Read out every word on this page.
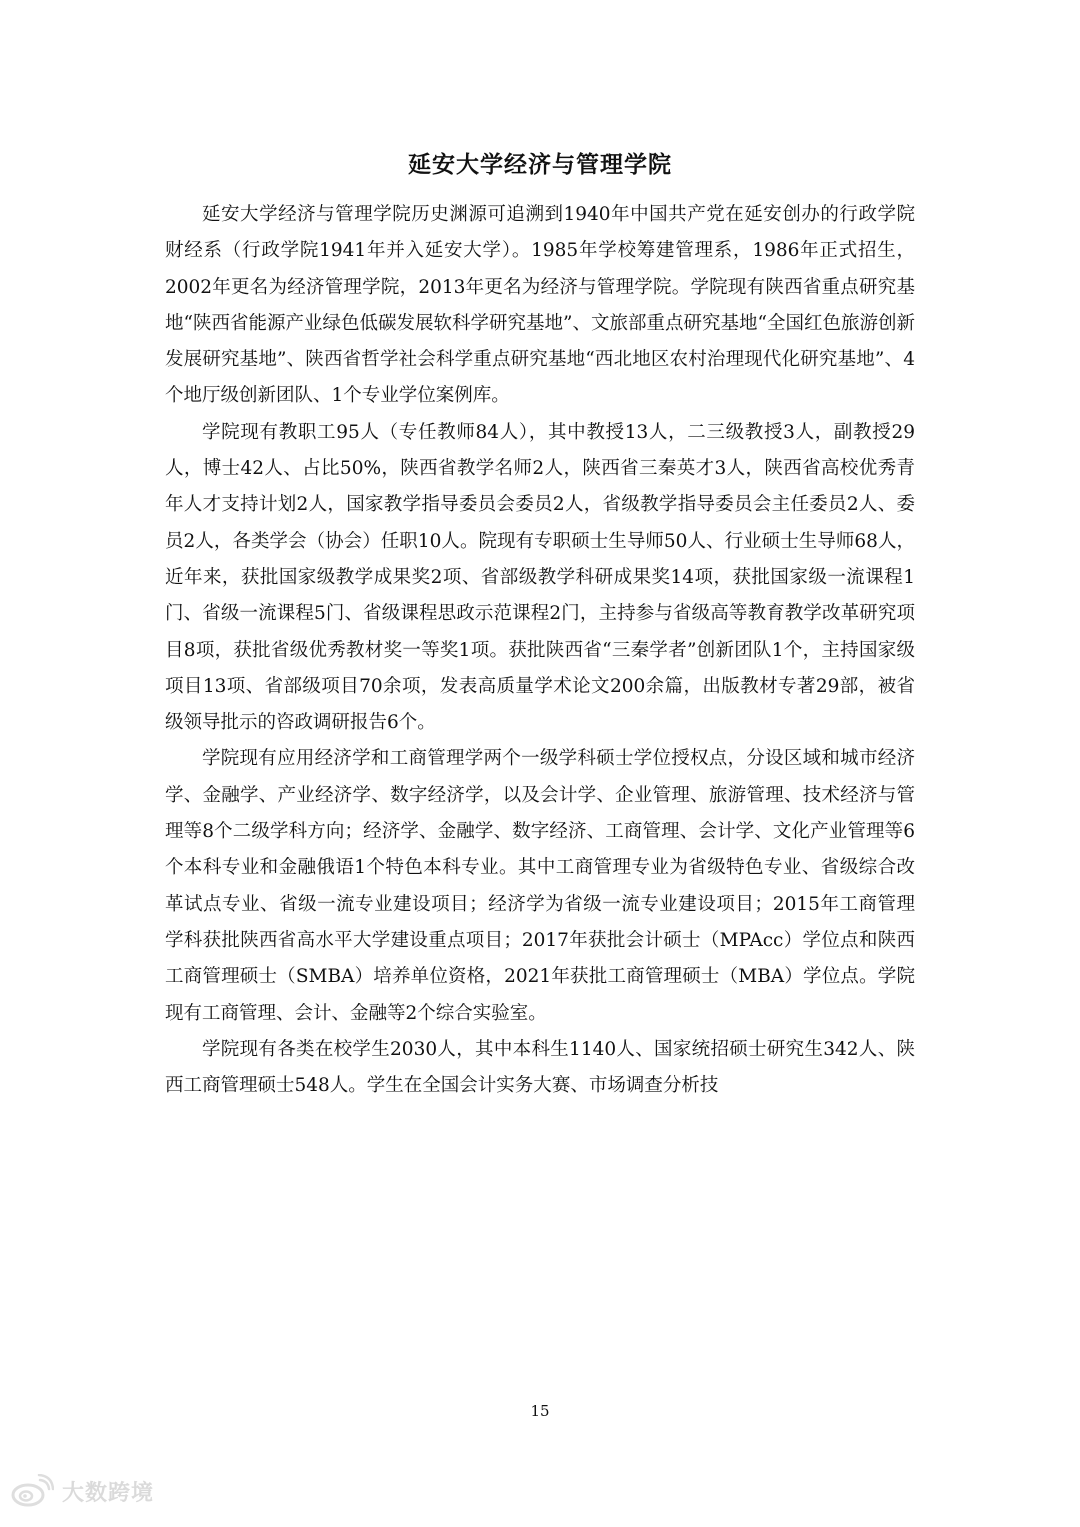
延安大学经济与管理学院

延安大学经济与管理学院历史渊源可追溯到1940年中国共产党在延安创办的行政学院财经系（行政学院1941年并入延安大学）。1985年学校筹建管理系，1986年正式招生，2002年更名为经济管理学院，2013年更名为经济与管理学院。学院现有陕西省重点研究基地“陕西省能源产业绿色低碳发展软科学研究基地”、文旅部重点研究基地“全国红色旅游创新发展研究基地”、陕西省哲学社会科学重点研究基地“西北地区农村治理现代化研究基地”、4个地厅级创新团队、1个专业学位案例库。

学院现有教职工95人（专任教师84人），其中教授13人，二三级教授3人，副教授29人，博士42人、占比50%，陕西省教学名师2人，陕西省三秦英才3人，陕西省高校优秀青年人才支持计划2人，国家教学指导委员会委员2人，省级教学指导委员会主任委员2人、委员2人，各类学会（协会）任职10人。院现有专职硕士生导师50人、行业硕士生导师68人，近年来，获批国家级教学成果奖2项、省部级教学科研成果奖14项，获批国家级一流课程1门、省级一流课程5门、省级课程思政示范课程2门，主持参与省级高等教育教学改革研究项目8项，获批省级优秀教材奖一等奖1项。获批陕西省“三秦学者”创新团队1个，主持国家级项目13项、省部级项目70余项，发表高质量学术论文200余篇，出版教材专著29部，被省级领导批示的咨政调研报告6个。

学院现有应用经济学和工商管理学两个一级学科硕士学位授权点，分设区域和城市经济学、金融学、产业经济学、数字经济学，以及会计学、企业管理、旅游管理、技术经济与管理等8个二级学科方向；经济学、金融学、数字经济、工商管理、会计学、文化产业管理等6个本科专业和金融俄语1个特色本科专业。其中工商管理专业为省级特色专业、省级综合改革试点专业、省级一流专业建设项目；经济学为省级一流专业建设项目；2015年工商管理学科获批陕西省高水平大学建设重点项目；2017年获批会计硕士（MPAcc）学位点和陕西工商管理硕士（SMBA）培养单位资格，2021年获批工商管理硕士（MBA）学位点。学院现有工商管理、会计、金融等2个综合实验室。

学院现有各类在校学生2030人，其中本科生1140人、国家统招硕士研究生342人、陕西工商管理硕士548人。学生在全国会计实务大赛、市场调查分析技

15
大数跨境
